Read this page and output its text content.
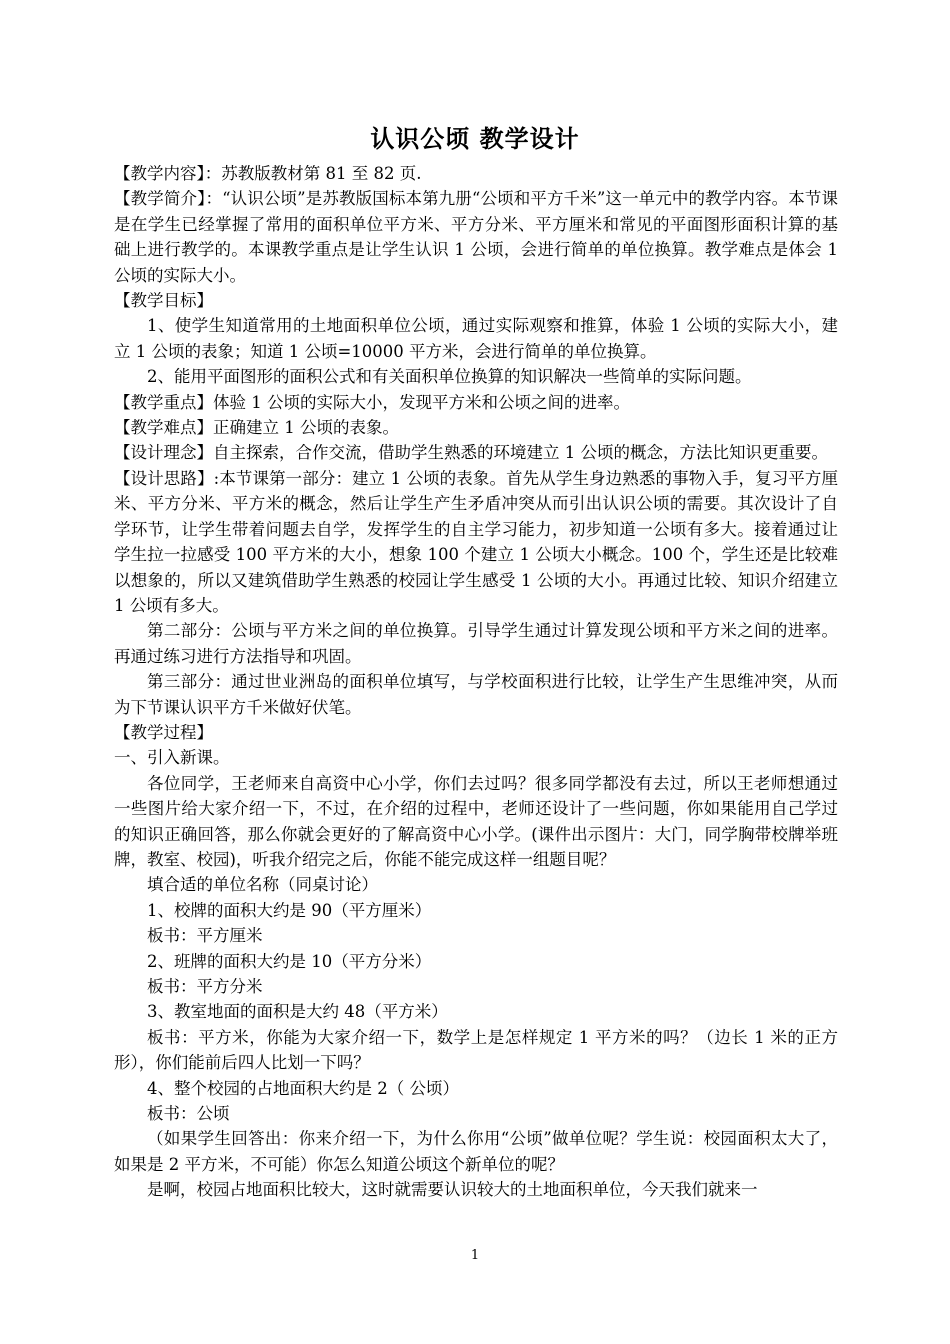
认识公顷 教学设计

【教学内容】：苏教版教材第 81 至 82 页.

【教学简介】：“认识公顷”是苏教版国标本第九册“公顷和平方千米”这一单元中的教学内容。本节课是在学生已经掌握了常用的面积单位平方米、平方分米、平方厘米和常见的平面图形面积计算的基础上进行教学的。本课教学重点是让学生认识 1 公顷，会进行简单的单位换算。教学难点是体会 1 公顷的实际大小。

【教学目标】

1、使学生知道常用的土地面积单位公顷，通过实际观察和推算，体验 1 公顷的实际大小，建立 1 公顷的表象；知道 1 公顷=10000 平方米，会进行简单的单位换算。

2、能用平面图形的面积公式和有关面积单位换算的知识解决一些简单的实际问题。

【教学重点】体验 1 公顷的实际大小，发现平方米和公顷之间的进率。

【教学难点】正确建立 1 公顷的表象。

【设计理念】自主探索，合作交流，借助学生熟悉的环境建立 1 公顷的概念，方法比知识更重要。

【设计思路】:本节课第一部分：建立 1 公顷的表象。首先从学生身边熟悉的事物入手，复习平方厘米、平方分米、平方米的概念，然后让学生产生矛盾冲突从而引出认识公顷的需要。其次设计了自学环节，让学生带着问题去自学，发挥学生的自主学习能力，初步知道一公顷有多大。接着通过让学生拉一拉感受 100 平方米的大小，想象 100 个建立 1 公顷大小概念。100 个，学生还是比较难以想象的，所以又建筑借助学生熟悉的校园让学生感受 1 公顷的大小。再通过比较、知识介绍建立 1 公顷有多大。

第二部分：公顷与平方米之间的单位换算。引导学生通过计算发现公顷和平方米之间的进率。再通过练习进行方法指导和巩固。

第三部分：通过世业洲岛的面积单位填写，与学校面积进行比较，让学生产生思维冲突，从而为下节课认识平方千米做好伏笔。

【教学过程】

一、引入新课。

各位同学，王老师来自高资中心小学，你们去过吗？很多同学都没有去过，所以王老师想通过一些图片给大家介绍一下，不过，在介绍的过程中，老师还设计了一些问题，你如果能用自己学过的知识正确回答，那么你就会更好的了解高资中心小学。(课件出示图片：大门，同学胸带校牌举班牌，教室、校园)，听我介绍完之后，你能不能完成这样一组题目呢？

填合适的单位名称（同桌讨论）

1、校牌的面积大约是 90（平方厘米）

板书：平方厘米

2、班牌的面积大约是 10（平方分米）

板书：平方分米

3、教室地面的面积是大约 48（平方米）

板书：平方米，你能为大家介绍一下，数学上是怎样规定 1 平方米的吗？（边长 1 米的正方形），你们能前后四人比划一下吗？

4、整个校园的占地面积大约是 2（ 公顷）

板书：公顷

（如果学生回答出：你来介绍一下，为什么你用“公顷”做单位呢？学生说：校园面积太大了，如果是 2 平方米，不可能）你怎么知道公顷这个新单位的呢？

是啊，校园占地面积比较大，这时就需要认识较大的土地面积单位，今天我们就来一

1
